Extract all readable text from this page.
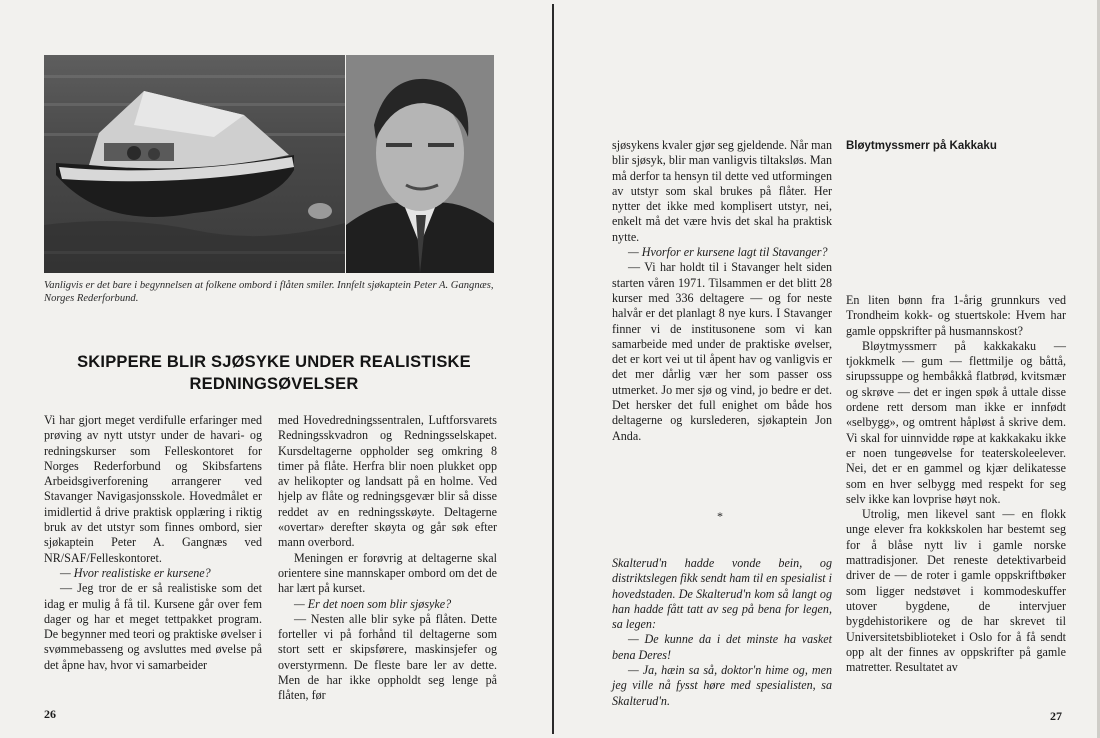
Vanligvis er det bare i begynnelsen at folkene ombord i flåten smiler. Innfelt sjøkaptein Peter A. Gangnæs, Norges Rederforbund.
SKIPPERE BLIR SJØSYKE UNDER REALISTISKE REDNINGSØVELSER

Vi har gjort meget verdifulle erfaringer med prøving av nytt utstyr under de havari- og redningskurser som Felleskontoret for Norges Rederforbund og Skibsfartens Arbeidsgiverforening arrangerer ved Stavanger Navigasjonsskole. Hovedmålet er imidlertid å drive praktisk opplæring i riktig bruk av det utstyr som finnes ombord, sier sjøkaptein Peter A. Gangnæs ved NR/SAF/Felleskontoret.

— Hvor realistiske er kursene?

— Jeg tror de er så realistiske som det idag er mulig å få til. Kursene går over fem dager og har et meget tettpakket program. De begynner med teori og praktiske øvelser i svømmebasseng og avsluttes med øvelse på det åpne hav, hvor vi samarbeider

med Hovedredningssentralen, Luftforsvarets Redningsskvadron og Redningsselskapet. Kursdeltagerne oppholder seg omkring 8 timer på flåte. Herfra blir noen plukket opp av helikopter og landsatt på en holme. Ved hjelp av flåte og redningsgevær blir så disse reddet av en redningsskøyte. Deltagerne «overtar» derefter skøyta og går søk efter mann overbord.

Meningen er forøvrig at deltagerne skal orientere sine mannskaper ombord om det de har lært på kurset.

— Er det noen som blir sjøsyke?

— Nesten alle blir syke på flåten. Dette forteller vi på forhånd til deltagerne som stort sett er skipsførere, maskinsjefer og overstyrmenn. De fleste bare ler av dette. Men de har ikke oppholdt seg lenge på flåten, før

sjøsykens kvaler gjør seg gjeldende. Når man blir sjøsyk, blir man vanligvis tiltaksløs. Man må derfor ta hensyn til dette ved utformingen av utstyr som skal brukes på flåter. Her nytter det ikke med komplisert utstyr, nei, enkelt må det være hvis det skal ha praktisk nytte.

— Hvorfor er kursene lagt til Stavanger?

— Vi har holdt til i Stavanger helt siden starten våren 1971. Tilsammen er det blitt 28 kurser med 336 deltagere — og for neste halvår er det planlagt 8 nye kurs. I Stavanger finner vi de institusonene som vi kan samarbeide med under de praktiske øvelser, det er kort vei ut til åpent hav og vanligvis er det mer dårlig vær her som passer oss utmerket. Jo mer sjø og vind, jo bedre er det. Det hersker det full enighet om både hos deltagerne og kurslederen, sjøkaptein Jon Anda.

*

Skalterud'n hadde vonde bein, og distriktslegen fikk sendt ham til en spesialist i hovedstaden. De Skalterud'n kom så langt og han hadde fått tatt av seg på bena for legen, sa legen:

— De kunne da i det minste ha vasket bena Deres!

— Ja, hæin sa så, doktor'n hime og, men jeg ville nå fysst høre med spesialisten, sa Skalterud'n.

Bløytmyssmerr på Kakkaku

En liten bønn fra 1-årig grunnkurs ved Trondheim kokk- og stuertskole: Hvem har gamle oppskrifter på husmannskost?

Bløytmyssmerr på kakkakaku — tjokkmelk — gum — flettmilje og båttå, sirupssuppe og hembåkkå flatbrød, kvitsmær og skrøve — det er ingen spøk å uttale disse ordene rett dersom man ikke er innfødt «selbygg», og omtrent håpløst å skrive dem. Vi skal for uinnvidde røpe at kakkakaku ikke er noen tungeøvelse for teaterskoleelever. Nei, det er en gammel og kjær delikatesse som en hver selbygg med respekt for seg selv ikke kan lovprise høyt nok.

Utrolig, men likevel sant — en flokk unge elever fra kokkskolen har bestemt seg for å blåse nytt liv i gamle norske mattradisjoner. Det reneste detektivarbeid driver de — de roter i gamle oppskriftbøker som ligger nedstøvet i kommodeskuffer utover bygdene, de intervjuer bygdehistorikere og de har skrevet til Universitetsbiblioteket i Oslo for å få sendt opp alt der finnes av oppskrifter på gamle matretter. Resultatet av

26	27
